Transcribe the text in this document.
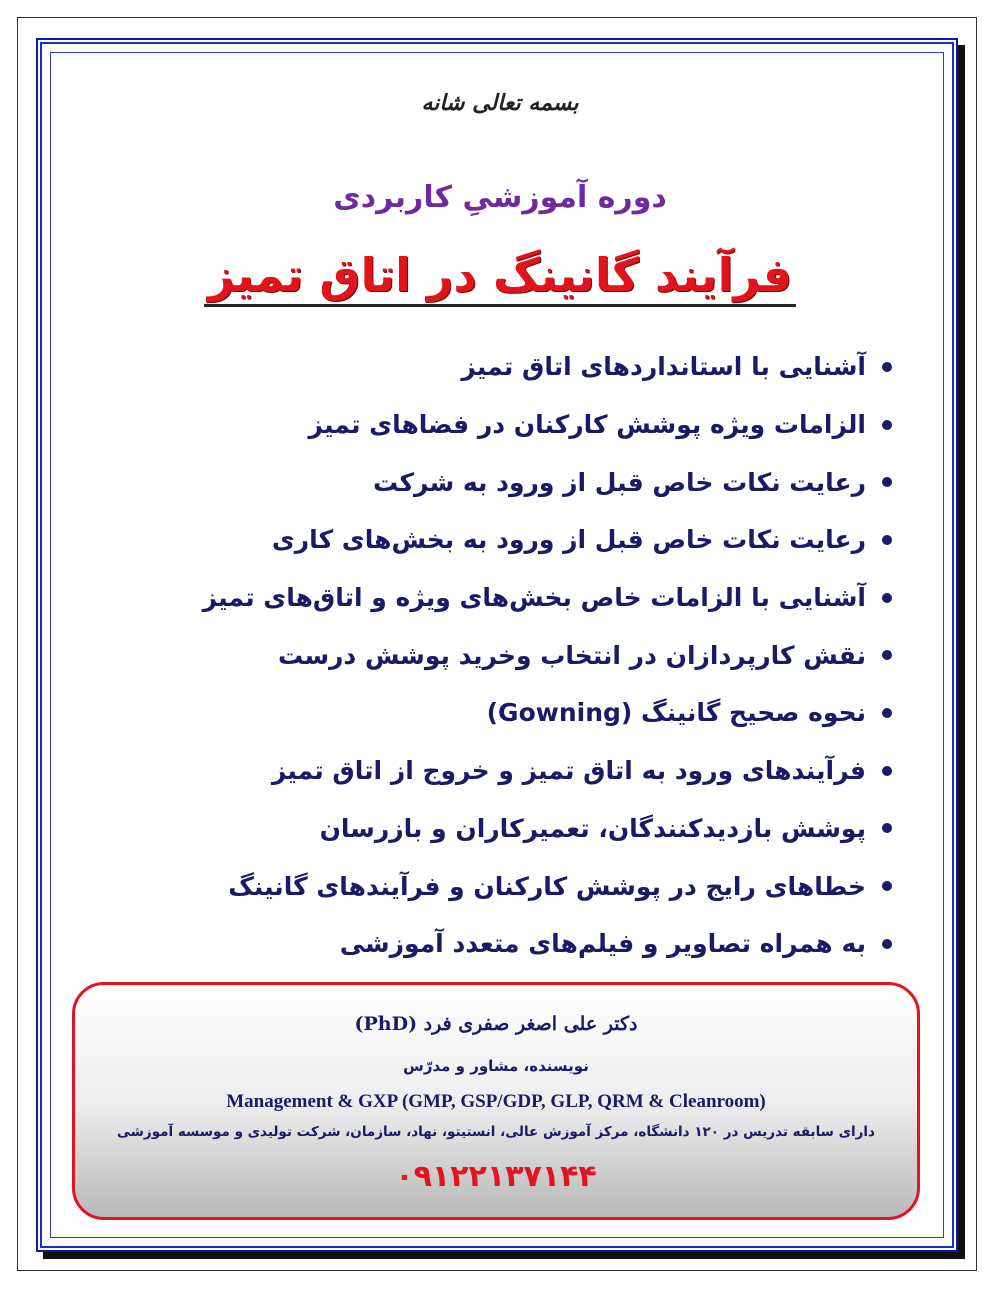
بسمه تعالی شانه
دوره آموزشیِ کاربردی
فرآیند گانینگ در اتاق تمیز
آشنایی با استانداردهای اتاق تمیز
الزامات ویژه پوشش کارکنان در فضاهای تمیز
رعایت نکات خاص قبل از ورود به شرکت
رعایت نکات خاص قبل از ورود به بخش‌های کاری
آشنایی با الزامات خاص بخش‌های ویژه و اتاق‌های تمیز
نقش کارپردازان در انتخاب وخرید پوشش درست
نحوه صحیح گانینگ (Gowning)
فرآیندهای ورود به اتاق تمیز و خروج از اتاق تمیز
پوشش بازدیدکنندگان، تعمیرکاران و بازرسان
خطاهای رایج در پوشش کارکنان و فرآیندهای گانینگ
به همراه تصاویر و فیلم‌های متعدد آموزشی
دکتر علی اصغر صفری فرد (PhD)
نویسنده، مشاور و مدرّس
Management & GXP (GMP, GSP/GDP, GLP, QRM & Cleanroom)
دارای سابقه تدریس در ۱۲۰ دانشگاه، مرکز آموزش عالی، انستیتو، نهاد، سازمان، شرکت تولیدی و موسسه آموزشی
۰۹۱۲۲۱۳۷۱۴۴
